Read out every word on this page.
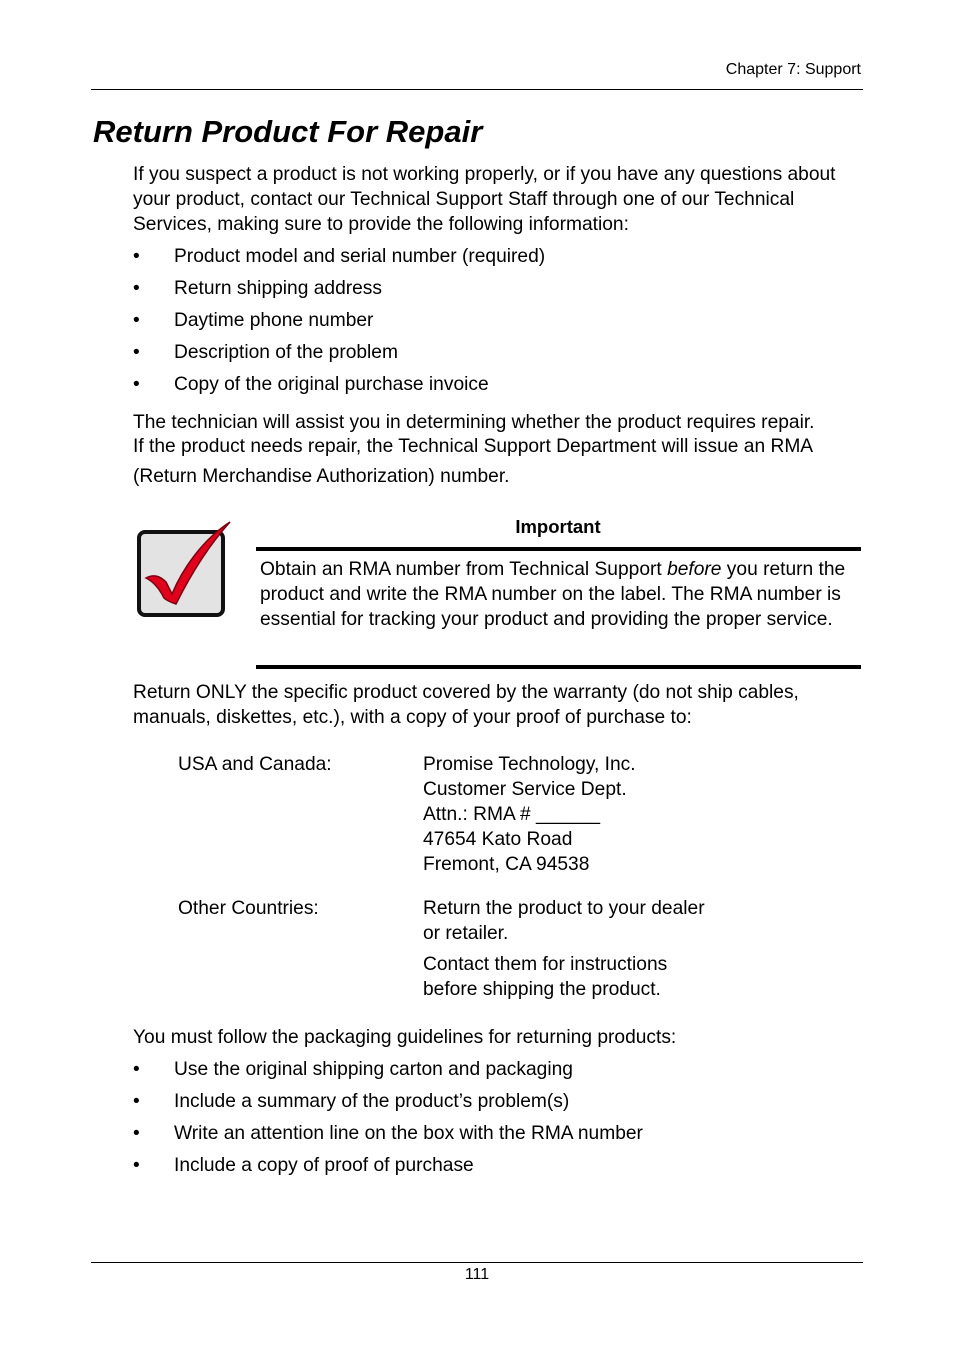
Chapter 7: Support
Return Product For Repair

If you suspect a product is not working properly, or if you have any questions about your product, contact our Technical Support Staff through one of our Technical Services, making sure to provide the following information:

• Product model and serial number (required)
• Return shipping address
• Daytime phone number
• Description of the problem
• Copy of the original purchase invoice
The technician will assist you in determining whether the product requires repair.
If the product needs repair, the Technical Support Department will issue an RMA
(Return Merchandise Authorization) number.
Important

Obtain an RMA number from Technical Support before you return the product and write the RMA number on the label. The RMA number is essential for tracking your product and providing the proper service.

Return ONLY the specific product covered by the warranty (do not ship cables, manuals, diskettes, etc.), with a copy of your proof of purchase to:

USA and Canada:	Promise Technology, Inc.
Customer Service Dept.
Attn.: RMA # ______
47654 Kato Road
Fremont, CA 94538
Other Countries:	Return the product to your dealer
or retailer.
Contact them for instructions
before shipping the product.

You must follow the packaging guidelines for returning products:

• Use the original shipping carton and packaging
• Include a summary of the product’s problem(s)
• Write an attention line on the box with the RMA number
• Include a copy of proof of purchase
111
